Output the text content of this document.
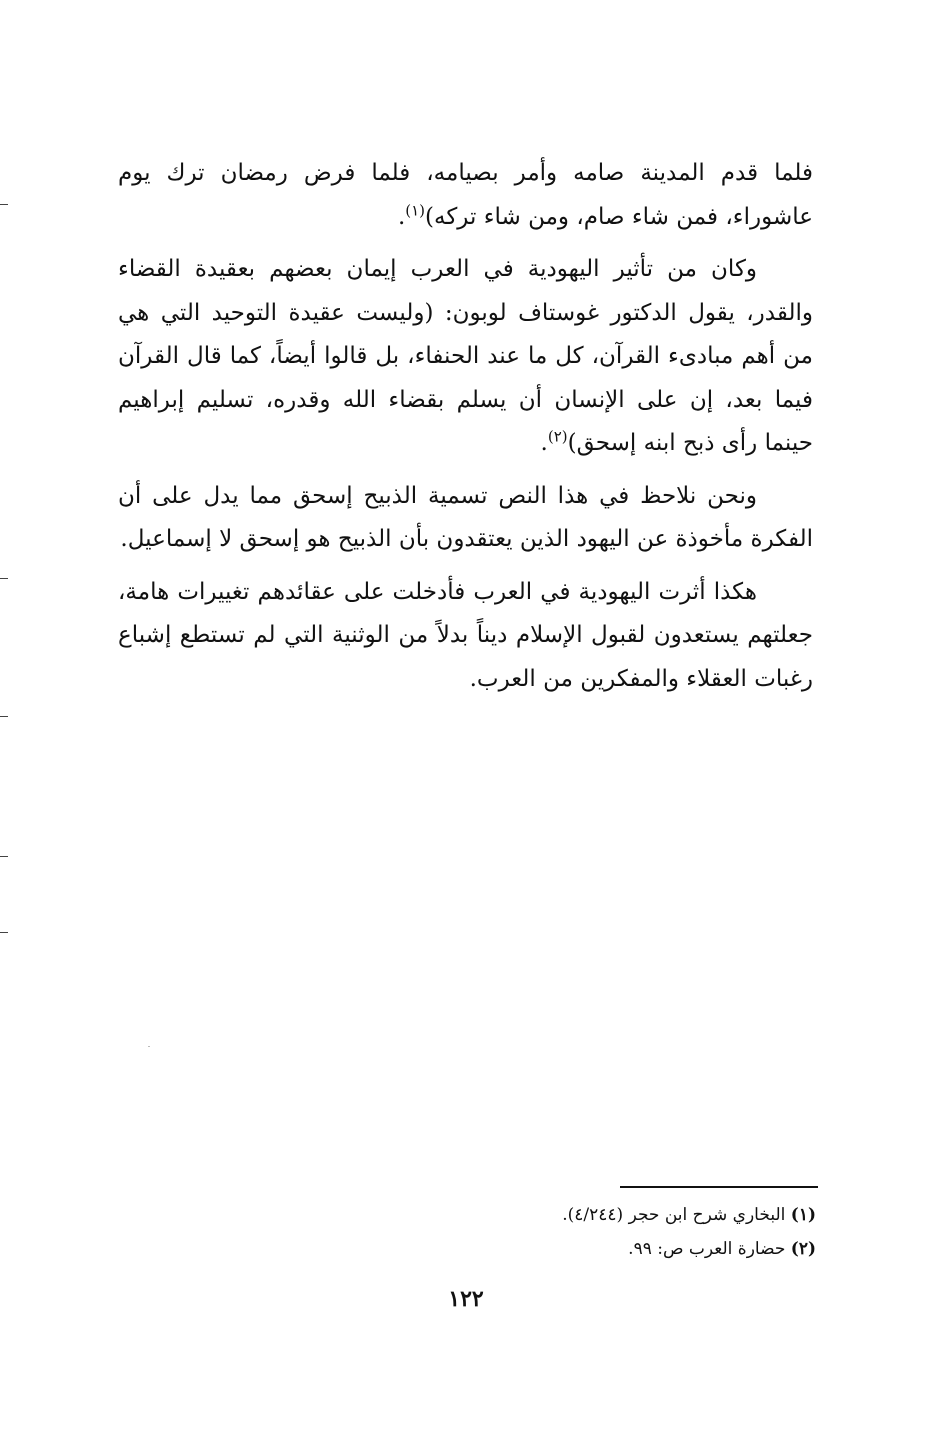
فلما قدم المدينة صامه وأمر بصيامه، فلما فرض رمضان ترك يوم عاشوراء، فمن شاء صام، ومن شاء تركه)$^{(١)}$.

وكان من تأثير اليهودية في العرب إيمان بعضهم بعقيدة القضاء والقدر، يقول الدكتور غوستاف لوبون: (وليست عقيدة التوحيد التي هي من أهم مبادىء القرآن، كل ما عند الحنفاء، بل قالوا أيضاً، كما قال القرآن فيما بعد، إن على الإنسان أن يسلم بقضاء الله وقدره، تسليم إبراهيم حينما رأى ذبح ابنه إسحق)$^{(٢)}$.

ونحن نلاحظ في هذا النص تسمية الذبيح إسحق مما يدل على أن الفكرة مأخوذة عن اليهود الذين يعتقدون بأن الذبيح هو إسحق لا إسماعيل.

هكذا أثرت اليهودية في العرب فأدخلت على عقائدهم تغييرات هامة، جعلتهم يستعدون لقبول الإسلام ديناً بدلاً من الوثنية التي لم تستطع إشباع رغبات العقلاء والمفكرين من العرب.

(١) البخاري شرح ابن حجر (٤/٢٤٤).

(٢) حضارة العرب ص: ٩٩.

١٢٢
